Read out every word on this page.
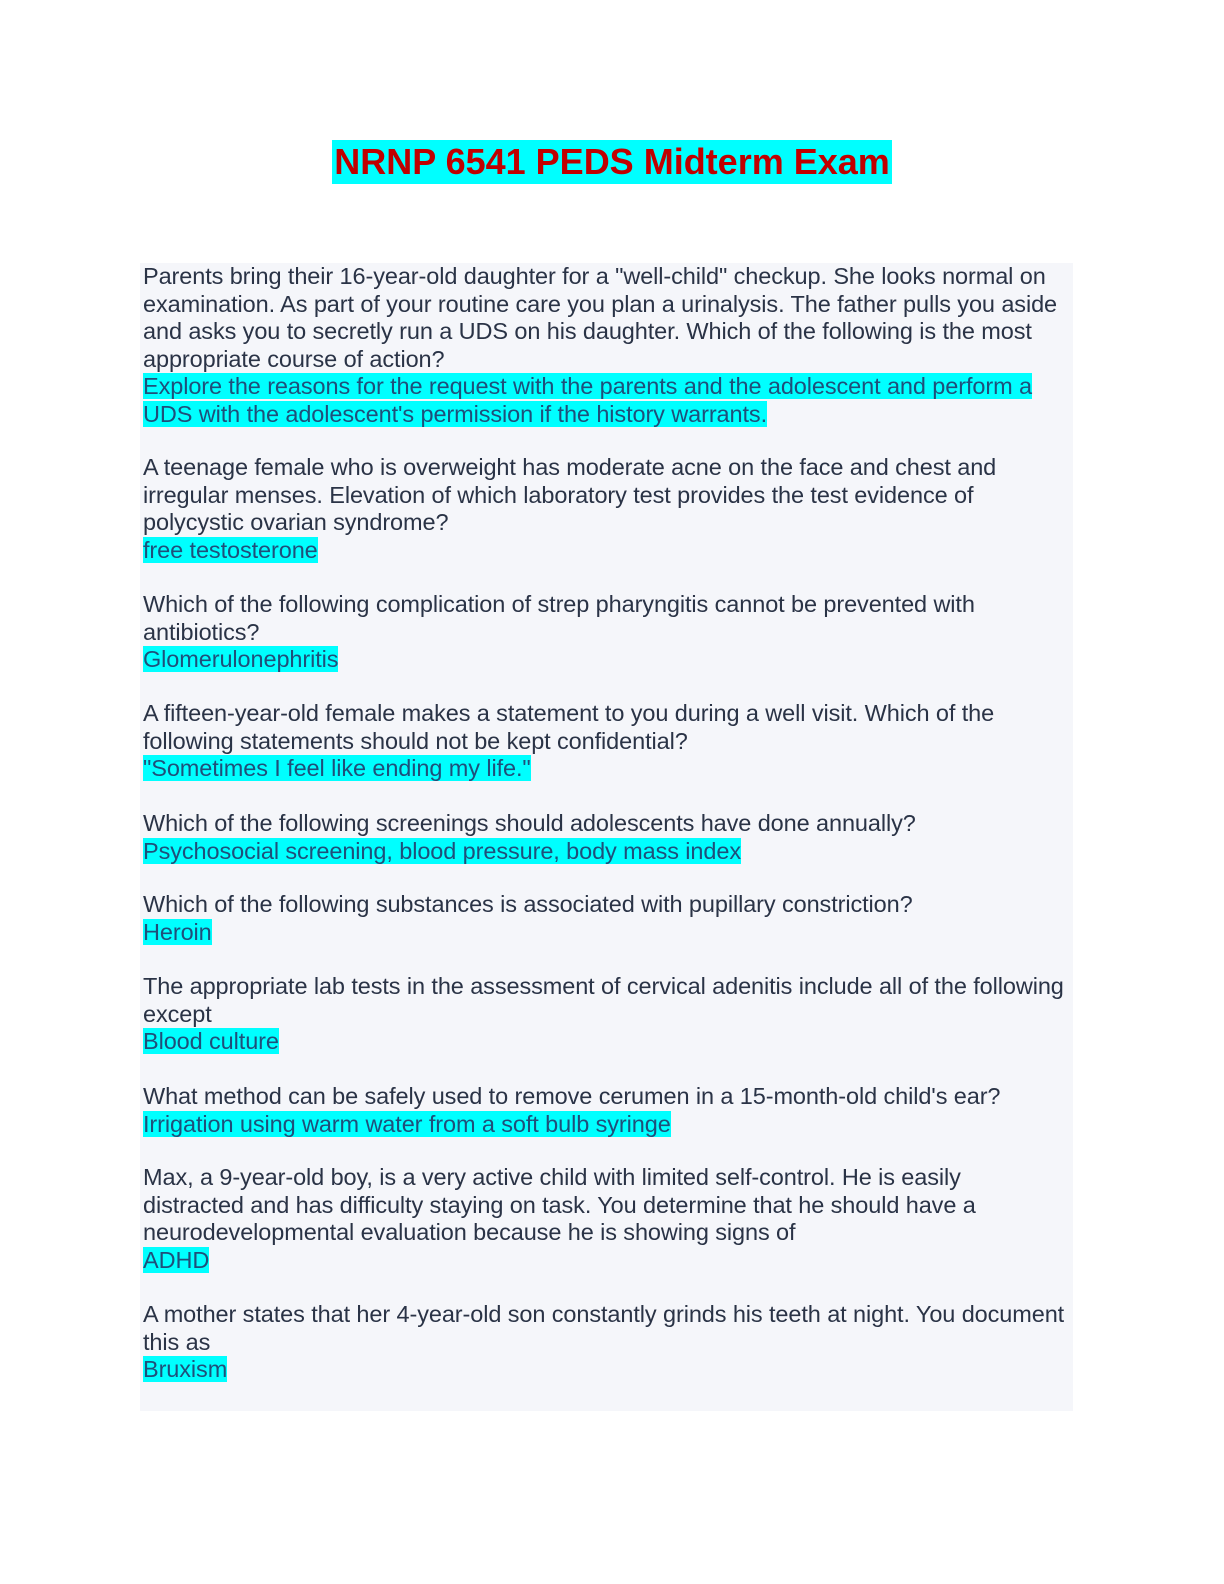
NRNP 6541 PEDS Midterm Exam

Parents bring their 16-year-old daughter for a "well-child" checkup. She looks normal on examination. As part of your routine care you plan a urinalysis. The father pulls you aside and asks you to secretly run a UDS on his daughter. Which of the following is the most appropriate course of action?

Explore the reasons for the request with the parents and the adolescent and perform a UDS with the adolescent's permission if the history warrants.

A teenage female who is overweight has moderate acne on the face and chest and irregular menses. Elevation of which laboratory test provides the test evidence of polycystic ovarian syndrome?

free testosterone

Which of the following complication of strep pharyngitis cannot be prevented with antibiotics?

Glomerulonephritis

A fifteen-year-old female makes a statement to you during a well visit. Which of the following statements should not be kept confidential?

"Sometimes I feel like ending my life."

Which of the following screenings should adolescents have done annually?

Psychosocial screening, blood pressure, body mass index

Which of the following substances is associated with pupillary constriction?

Heroin

The appropriate lab tests in the assessment of cervical adenitis include all of the following except

Blood culture

What method can be safely used to remove cerumen in a 15-month-old child's ear?

Irrigation using warm water from a soft bulb syringe

Max, a 9-year-old boy, is a very active child with limited self-control. He is easily distracted and has difficulty staying on task. You determine that he should have a neurodevelopmental evaluation because he is showing signs of

ADHD

A mother states that her 4-year-old son constantly grinds his teeth at night. You document this as

Bruxism
